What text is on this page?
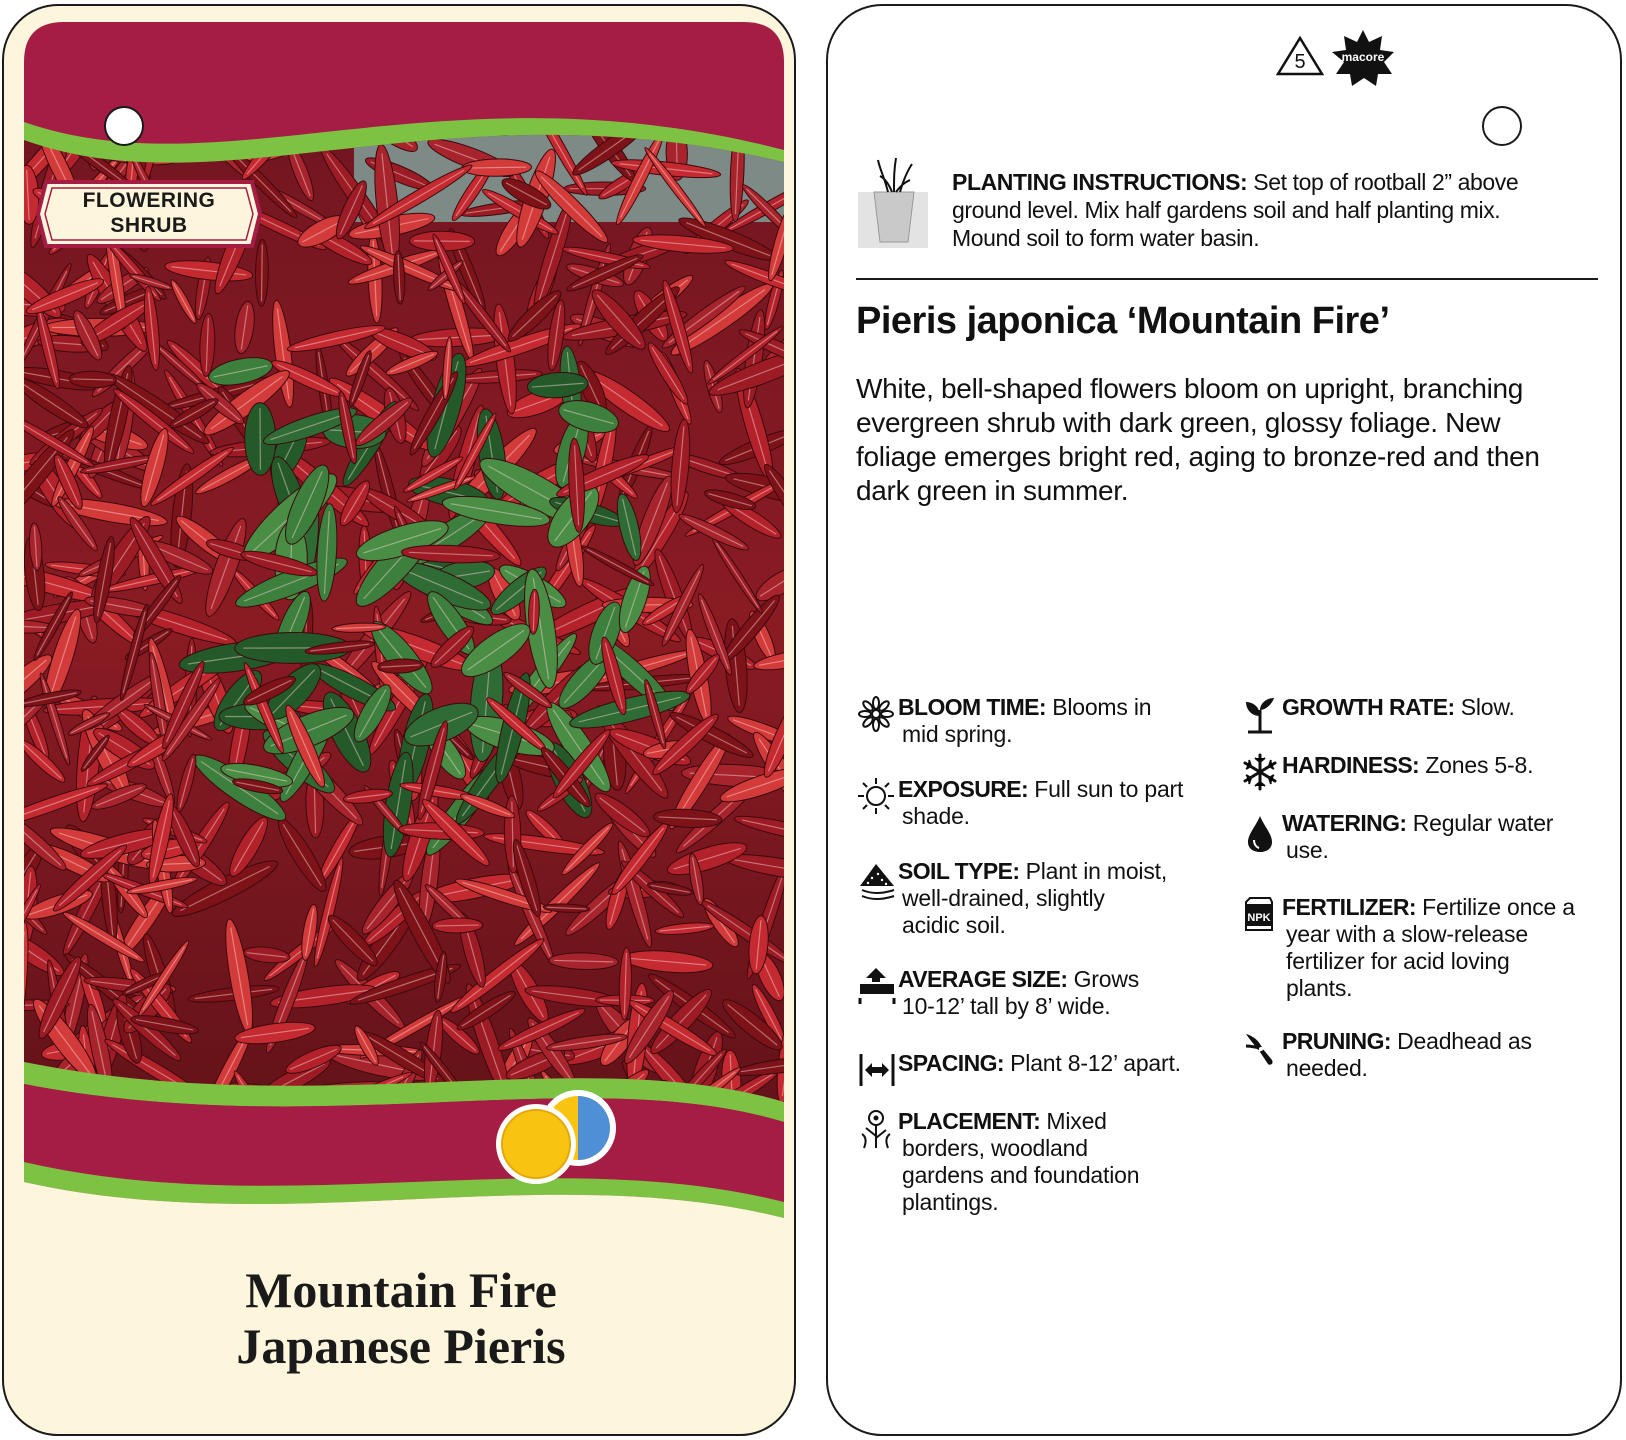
FLOWERING
SHRUB
Mountain Fire
Japanese Pieris
5	macore
PLANTING INSTRUCTIONS: Set top of rootball 2” above
ground level. Mix half gardens soil and half planting mix.
Mound soil to form water basin.
Pieris japonica ‘Mountain Fire’
White, bell-shaped flowers bloom on upright, branching
evergreen shrub with dark green, glossy foliage. New
foliage emerges bright red, aging to bronze-red and then
dark green in summer.
BLOOM TIME: Blooms in
mid spring.
EXPOSURE: Full sun to part
shade.
SOIL TYPE: Plant in moist,
well-drained, slightly
acidic soil.
AVERAGE SIZE: Grows
10-12’ tall by 8’ wide.
SPACING: Plant 8-12’ apart.
PLACEMENT: Mixed
borders, woodland
gardens and foundation
plantings.
GROWTH RATE: Slow.
HARDINESS: Zones 5-8.
WATERING: Regular water
use.
NPK FERTILIZER: Fertilize once a
year with a slow-release
fertilizer for acid loving
plants.
PRUNING: Deadhead as
needed.
